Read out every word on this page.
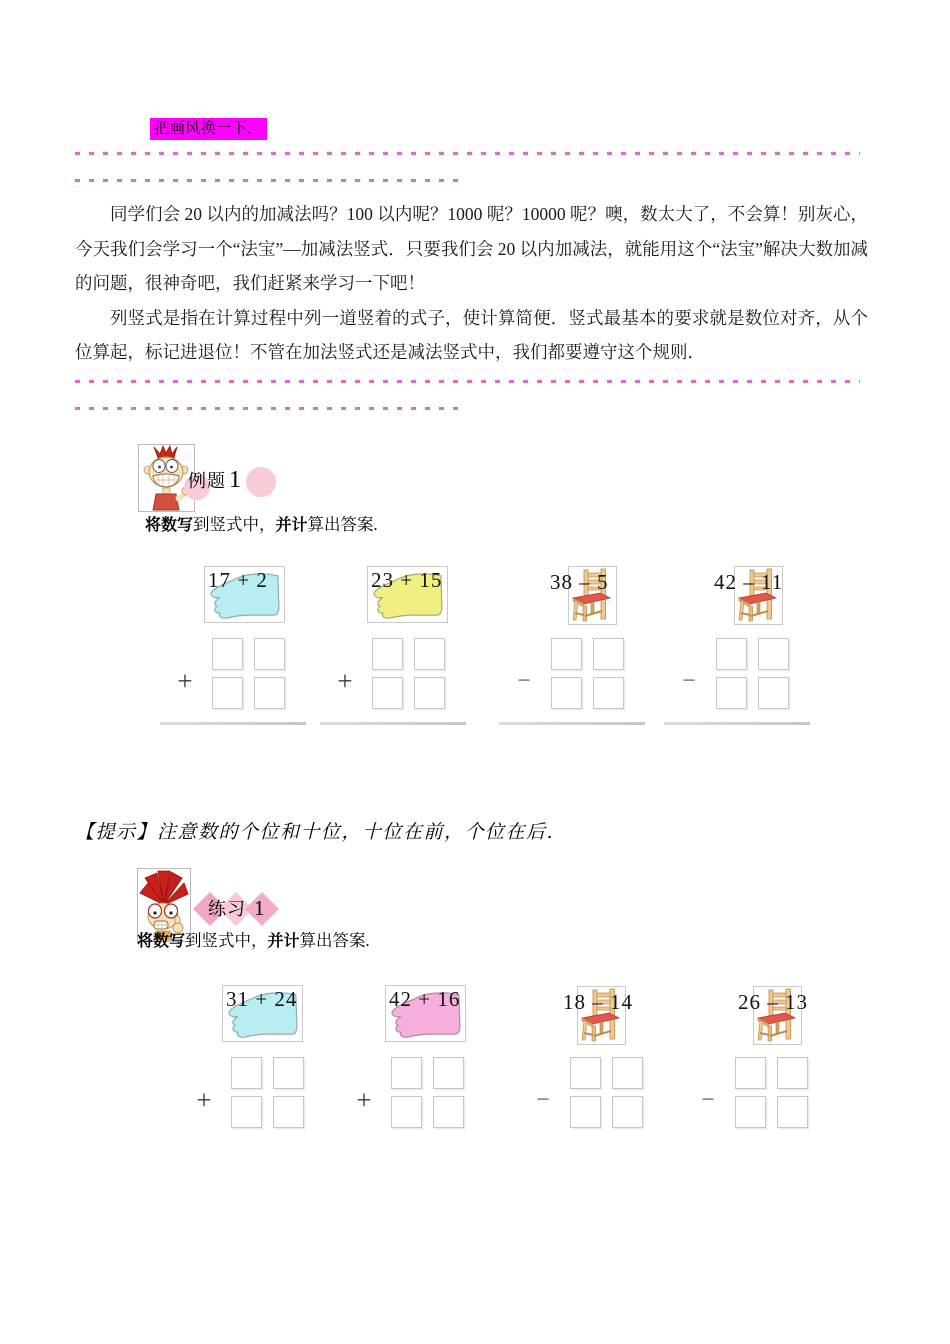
把画风换一下．

同学们会 20 以内的加减法吗？100 以内呢？1000 呢？10000 呢？噢，数太大了，不会算！别灰心，今天我们会学习一个“法宝”—加减法竖式．只要我们会 20 以内加减法，就能用这个“法宝”解决大数加减的问题，很神奇吧，我们赶紧来学习一下吧！

列竖式是指在计算过程中列一道竖着的式子，使计算简便．竖式最基本的要求就是数位对齐，从个位算起，标记进退位！不管在加法竖式还是减法竖式中，我们都要遵守这个规则．

例题 1
将数写到竖式中，并计算出答案.
17 + 2	23 + 15	38 – 5	42 – 11
+	+	−	−
【提示】注意数的个位和十位，十位在前，个位在后.
练习 1
将数写到竖式中，并计算出答案.
31 + 24	42 + 16	18 – 14	26 – 13
+	+	−	−
